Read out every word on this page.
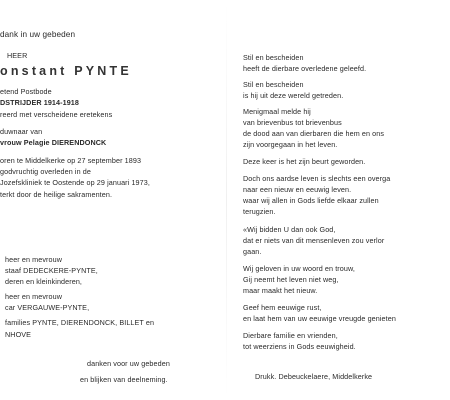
dank in uw gebeden
HEER
onstant PYNTE
etend Postbode
DSTRIJDER 1914-1918
reerd met verscheidene eretekens
duwnaar van
vrouw Pelagie DIERENDONCK
oren te Middelkerke op 27 september 1893
godvruchtig overleden in de
Jozefskliniek te Oostende op 29 januari 1973,
terkt door de heilige sakramenten.
heer en mevrouw
staaf DEDECKERE-PYNTE,
deren en kleinkinderen,
heer en mevrouw
car VERGAUWE-PYNTE,
families PYNTE, DIERENDONCK, BILLET en
NHOVE
danken voor uw gebeden
en blijken van deelneming.
Stil en bescheiden
heeft de dierbare overledene geleefd.
Stil en bescheiden
is hij uit deze wereld getreden.
Menigmaal melde hij
van brievenbus tot brievenbus
de dood aan van dierbaren die hem en ons
zijn voorgegaan in het leven.
Deze keer is het zijn beurt geworden.
Doch ons aardse leven is slechts een overga
naar een nieuw en eeuwig leven.
waar wij allen in Gods liefde elkaar zullen
terugzien.
«Wij bidden U dan ook God,
dat er niets van dit mensenleven zou verlor
gaan.
Wij geloven in uw woord en trouw,
Gij neemt het leven niet weg,
maar maakt het nieuw.
Geef hem eeuwige rust,
en laat hem van uw eeuwige vreugde genieten
Dierbare familie en vrienden,
tot weerziens in Gods eeuwigheid.
Drukk. Debeuckelaere, Middelkerke
